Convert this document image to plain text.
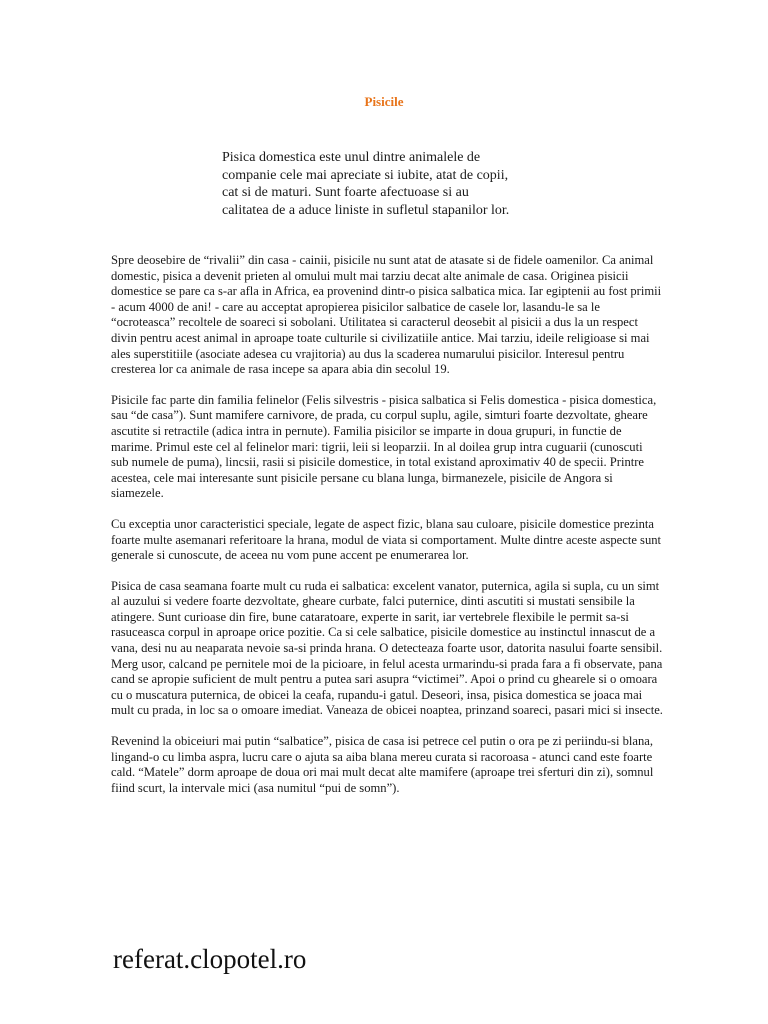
Pisicile
Pisica domestica este unul dintre animalele de companie cele mai apreciate si iubite, atat de copii, cat si de maturi. Sunt foarte afectuoase si au calitatea de a aduce liniste in sufletul stapanilor lor.

Spre deosebire de “rivalii” din casa - cainii, pisicile nu sunt atat de atasate si de fidele oamenilor. Ca animal domestic, pisica a devenit prieten al omului mult mai tarziu decat alte animale de casa. Originea pisicii domestice se pare ca s-ar afla in Africa, ea provenind dintr-o pisica salbatica mica. Iar egiptenii au fost primii - acum 4000 de ani! - care au acceptat apropierea pisicilor salbatice de casele lor, lasandu-le sa le “ocroteasca” recoltele de soareci si sobolani. Utilitatea si caracterul deosebit al pisicii a dus la un respect divin pentru acest animal in aproape toate culturile si civilizatiile antice. Mai tarziu, ideile religioase si mai ales superstitiile (asociate adesea cu vrajitoria) au dus la scaderea numarului pisicilor. Interesul pentru cresterea lor ca animale de rasa incepe sa apara abia din secolul 19.

Pisicile fac parte din familia felinelor (Felis silvestris - pisica salbatica si Felis domestica - pisica domestica, sau “de casa”). Sunt mamifere carnivore, de prada, cu corpul suplu, agile, simturi foarte dezvoltate, gheare ascutite si retractile (adica intra in pernute). Familia pisicilor se imparte in doua grupuri, in functie de marime. Primul este cel al felinelor mari: tigrii, leii si leoparzii. In al doilea grup intra cuguarii (cunoscuti sub numele de puma), lincsii, rasii si pisicile domestice, in total existand aproximativ 40 de specii. Printre acestea, cele mai interesante sunt pisicile persane cu blana lunga, birmanezele, pisicile de Angora si siamezele.

Cu exceptia unor caracteristici speciale, legate de aspect fizic, blana sau culoare, pisicile domestice prezinta foarte multe asemanari referitoare la hrana, modul de viata si comportament. Multe dintre aceste aspecte sunt generale si cunoscute, de aceea nu vom pune accent pe enumerarea lor.

Pisica de casa seamana foarte mult cu ruda ei salbatica: excelent vanator, puternica, agila si supla, cu un simt al auzului si vedere foarte dezvoltate, gheare curbate, falci puternice, dinti ascutiti si mustati sensibile la atingere. Sunt curioase din fire, bune cataratoare, experte in sarit, iar vertebrele flexibile le permit sa-si rasuceasca corpul in aproape orice pozitie. Ca si cele salbatice, pisicile domestice au instinctul innascut de a vana, desi nu au neaparata nevoie sa-si prinda hrana. O detecteaza foarte usor, datorita nasului foarte sensibil. Merg usor, calcand pe pernitele moi de la picioare, in felul acesta urmarindu-si prada fara a fi observate, pana cand se apropie suficient de mult pentru a putea sari asupra “victimei”. Apoi o prind cu ghearele si o omoara cu o muscatura puternica, de obicei la ceafa, rupandu-i gatul. Deseori, insa, pisica domestica se joaca mai mult cu prada, in loc sa o omoare imediat. Vaneaza de obicei noaptea, prinzand soareci, pasari mici si insecte.

Revenind la obiceiuri mai putin “salbatice”, pisica de casa isi petrece cel putin o ora pe zi periindu-si blana, lingand-o cu limba aspra, lucru care o ajuta sa aiba blana mereu curata si racoroasa - atunci cand este foarte cald. “Matele” dorm aproape de doua ori mai mult decat alte mamifere (aproape trei sferturi din zi), somnul fiind scurt, la intervale mici (asa numitul “pui de somn”).

referat.clopotel.ro
